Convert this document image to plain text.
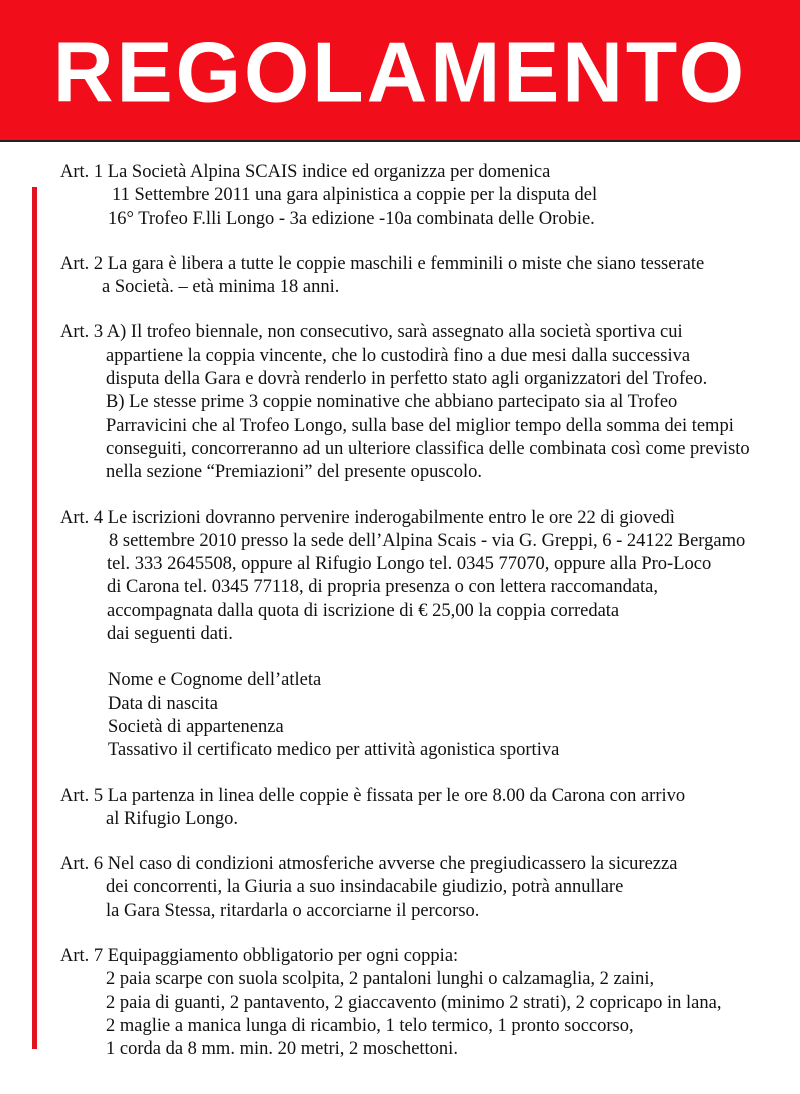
REGOLAMENTO
Art. 1 La Società Alpina SCAIS indice ed organizza per domenica
11 Settembre 2011 una gara alpinistica a coppie per la disputa del
16° Trofeo F.lli Longo - 3a edizione -10a combinata delle Orobie.
Art. 2 La gara è libera a tutte le coppie maschili e femminili o miste che siano tesserate
a Società. – età minima 18 anni.
Art. 3 A) Il trofeo biennale, non consecutivo, sarà assegnato alla società sportiva cui
appartiene la coppia vincente, che lo custodirà fino a due mesi dalla successiva
disputa della Gara e dovrà renderlo in perfetto stato agli organizzatori del Trofeo.
B) Le stesse prime 3 coppie nominative che abbiano partecipato sia al Trofeo
Parravicini che al Trofeo Longo, sulla base del miglior tempo della somma dei tempi
conseguiti, concorreranno ad un ulteriore classifica delle combinata così come previsto
nella sezione “Premiazioni” del presente opuscolo.
Art. 4 Le iscrizioni dovranno pervenire inderogabilmente entro le ore 22 di giovedì
8 settembre 2010 presso la sede dell’Alpina Scais - via G. Greppi, 6 - 24122 Bergamo
tel. 333 2645508, oppure al Rifugio Longo tel. 0345 77070, oppure alla Pro-Loco
di Carona tel. 0345 77118, di propria presenza o con lettera raccomandata,
accompagnata dalla quota di iscrizione di € 25,00 la coppia corredata
dai seguenti dati.
Nome e Cognome dell’atleta
Data di nascita
Società di appartenenza
Tassativo il certificato medico per attività agonistica sportiva
Art. 5 La partenza in linea delle coppie è fissata per le ore 8.00 da Carona con arrivo
al Rifugio Longo.
Art. 6 Nel caso di condizioni atmosferiche avverse che pregiudicassero la sicurezza
dei concorrenti, la Giuria a suo insindacabile giudizio, potrà annullare
la Gara Stessa, ritardarla o accorciarne il percorso.
Art. 7 Equipaggiamento obbligatorio per ogni coppia:
2 paia scarpe con suola scolpita, 2 pantaloni lunghi o calzamaglia, 2 zaini,
2 paia di guanti, 2 pantavento, 2 giaccavento (minimo 2 strati), 2 copricapo in lana,
2 maglie a manica lunga di ricambio, 1 telo termico, 1 pronto soccorso,
1 corda da 8 mm. min. 20 metri, 2 moschettoni.
